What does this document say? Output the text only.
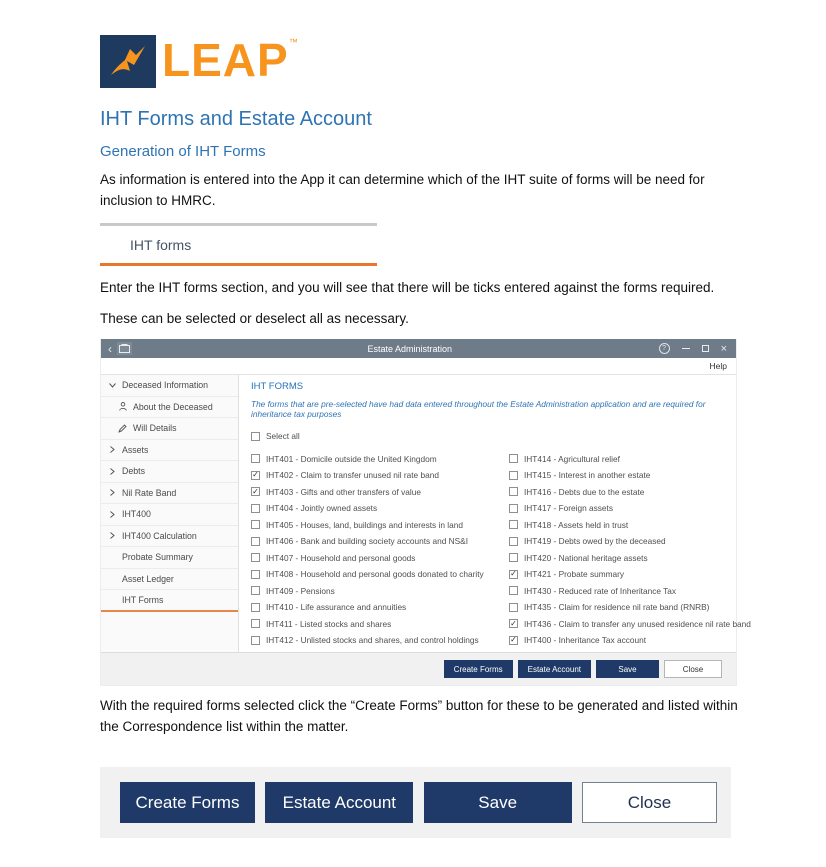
LEAP ™
IHT Forms and Estate Account
Generation of IHT Forms

As information is entered into the App it can determine which of the IHT suite of forms will be need for inclusion to HMRC.

IHT forms

Enter the IHT forms section, and you will see that there will be ticks entered against the forms required.

These can be selected or deselect all as necessary.

‹	Estate Administration	?	×
Help
Deceased Information
About the Deceased
Will Details
Assets
Debts
Nil Rate Band
IHT400
IHT400 Calculation
Probate Summary
Asset Ledger
IHT Forms
IHT FORMS
The forms that are pre-selected have had data entered throughout the Estate Administration application and are required for inheritance tax purposes
Select all
IHT401 - Domicile outside the United Kingdom
✓ IHT402 - Claim to transfer unused nil rate band
✓ IHT403 - Gifts and other transfers of value
IHT404 - Jointly owned assets
IHT405 - Houses, land, buildings and interests in land
IHT406 - Bank and building society accounts and NS&I
IHT407 - Household and personal goods
IHT408 - Household and personal goods donated to charity
IHT409 - Pensions
IHT410 - Life assurance and annuities
IHT411 - Listed stocks and shares
IHT412 - Unlisted stocks and shares, and control holdings
IHT414 - Agricultural relief
IHT415 - Interest in another estate
IHT416 - Debts due to the estate
IHT417 - Foreign assets
IHT418 - Assets held in trust
IHT419 - Debts owed by the deceased
IHT420 - National heritage assets
✓ IHT421 - Probate summary
IHT430 - Reduced rate of Inheritance Tax
IHT435 - Claim for residence nil rate band (RNRB)
✓ IHT436 - Claim to transfer any unused residence nil rate band
✓ IHT400 - Inheritance Tax account
Create Forms	Estate Account	Save	Close

With the required forms selected click the “Create Forms” button for these to be generated and listed within the Correspondence list within the matter.

Create Forms	Estate Account	Save	Close
